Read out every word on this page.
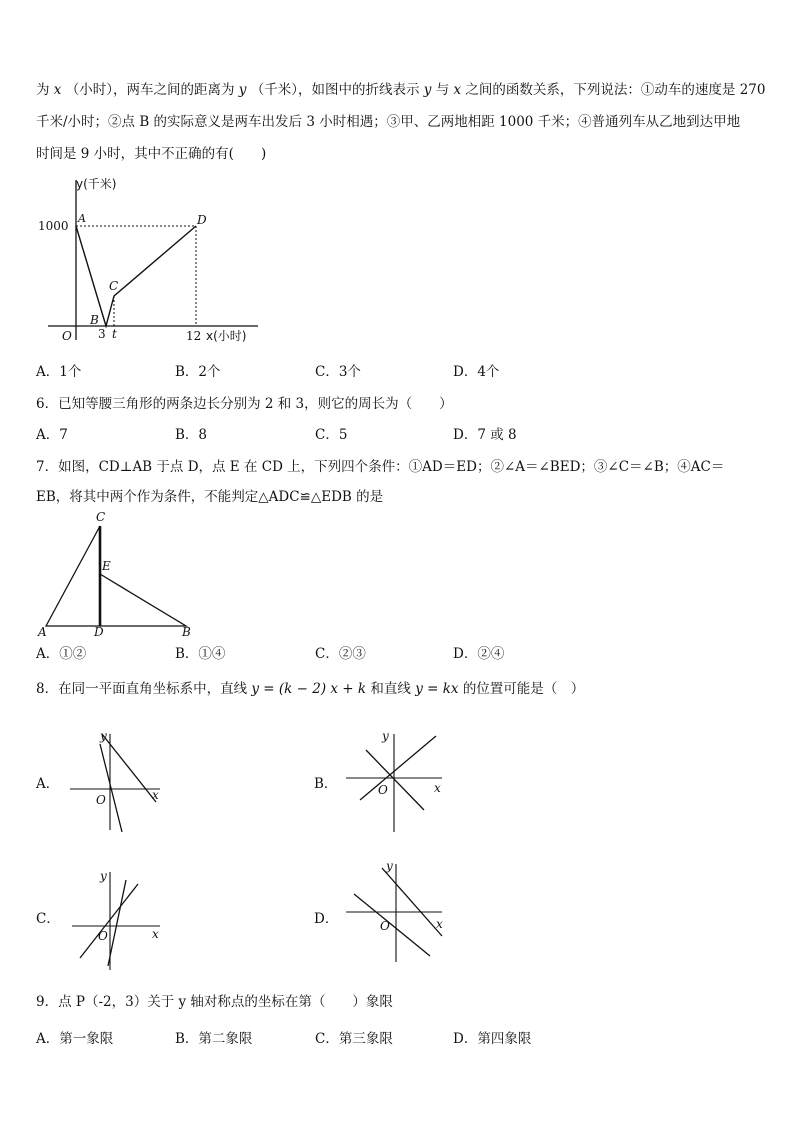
为 x （小时），两车之间的距离为 y （千米），如图中的折线表示 y 与 x 之间的函数关系，下列说法：①动车的速度是 270
千米/小时；②点 B 的实际意义是两车出发后 3 小时相遇；③甲、乙两地相距 1000 千米；④普通列车从乙地到达甲地
时间是 9 小时，其中不正确的有(　　)
y(千米)
1000
O
A
B
C
D
3 t	12 x(小时)
A．1个	B．2个	C．3个	D．4个
6．已知等腰三角形的两条边长分别为 2 和 3，则它的周长为（　　）
A．7	B．8	C．5	D．7 或 8
7．如图，CD⊥AB 于点 D，点 E 在 CD 上，下列四个条件：①AD＝ED；②∠A＝∠BED；③∠C＝∠B；④AC＝
EB，将其中两个作为条件，不能判定△ADC≌△EDB 的是
C
E
A	D	B
A．①②	B．①④	C．②③	D．②④
8．在同一平面直角坐标系中，直线 y = (k − 2) x + k 和直线 y = kx 的位置可能是（　）
A．
y
x
O
B．
y
x
O
C．
y
x
O
D．
y
x
O
9．点 P（-2，3）关于 y 轴对称点的坐标在第（　　）象限
A．第一象限	B．第二象限	C．第三象限	D．第四象限
